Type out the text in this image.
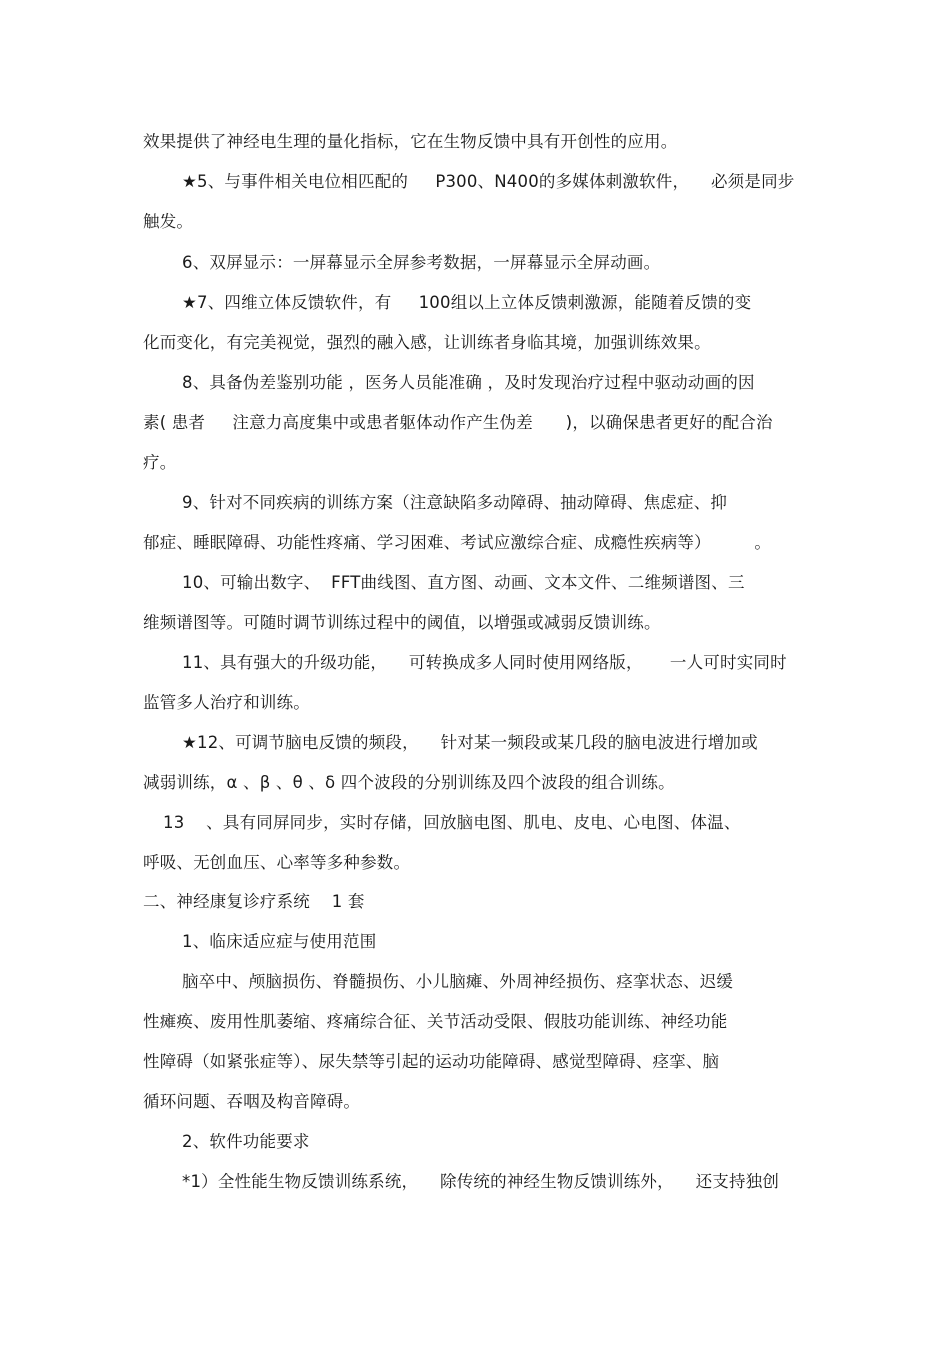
效果提供了神经电生理的量化指标，它在生物反馈中具有开创性的应用。
★5、与事件相关电位相匹配的     P300、N400的多媒体刺激软件，    必须是同步
触发。
6、双屏显示：一屏幕显示全屏参考数据，一屏幕显示全屏动画。
★7、四维立体反馈软件，有     100组以上立体反馈刺激源，能随着反馈的变
化而变化，有完美视觉，强烈的融入感，让训练者身临其境，加强训练效果。
8、具备伪差鉴别功能 ，医务人员能准确 ，及时发现治疗过程中驱动动画的因
素( 患者     注意力高度集中或患者躯体动作产生伪差      )，以确保患者更好的配合治
疗。
9、针对不同疾病的训练方案（注意缺陷多动障碍、抽动障碍、焦虑症、抑
郁症、睡眠障碍、功能性疼痛、学习困难、考试应激综合症、成瘾性疾病等）        。
10、可输出数字、  FFT曲线图、直方图、动画、文本文件、二维频谱图、三
维频谱图等。可随时调节训练过程中的阈值，以增强或减弱反馈训练。
11、具有强大的升级功能，    可转换成多人同时使用网络版，     一人可时实同时
监管多人治疗和训练。
★12、可调节脑电反馈的频段，    针对某一频段或某几段的脑电波进行增加或
减弱训练，α 、β 、θ 、δ 四个波段的分别训练及四个波段的组合训练。
13    、具有同屏同步，实时存储，回放脑电图、肌电、皮电、心电图、体温、
呼吸、无创血压、心率等多种参数。
二、神经康复诊疗系统    1 套
1、临床适应症与使用范围
脑卒中、颅脑损伤、脊髓损伤、小儿脑瘫、外周神经损伤、痉挛状态、迟缓
性瘫痪、废用性肌萎缩、疼痛综合征、关节活动受限、假肢功能训练、神经功能
性障碍（如紧张症等）、尿失禁等引起的运动功能障碍、感觉型障碍、痉挛、脑
循环问题、吞咽及构音障碍。
2、软件功能要求
*1）全性能生物反馈训练系统，    除传统的神经生物反馈训练外，    还支持独创
